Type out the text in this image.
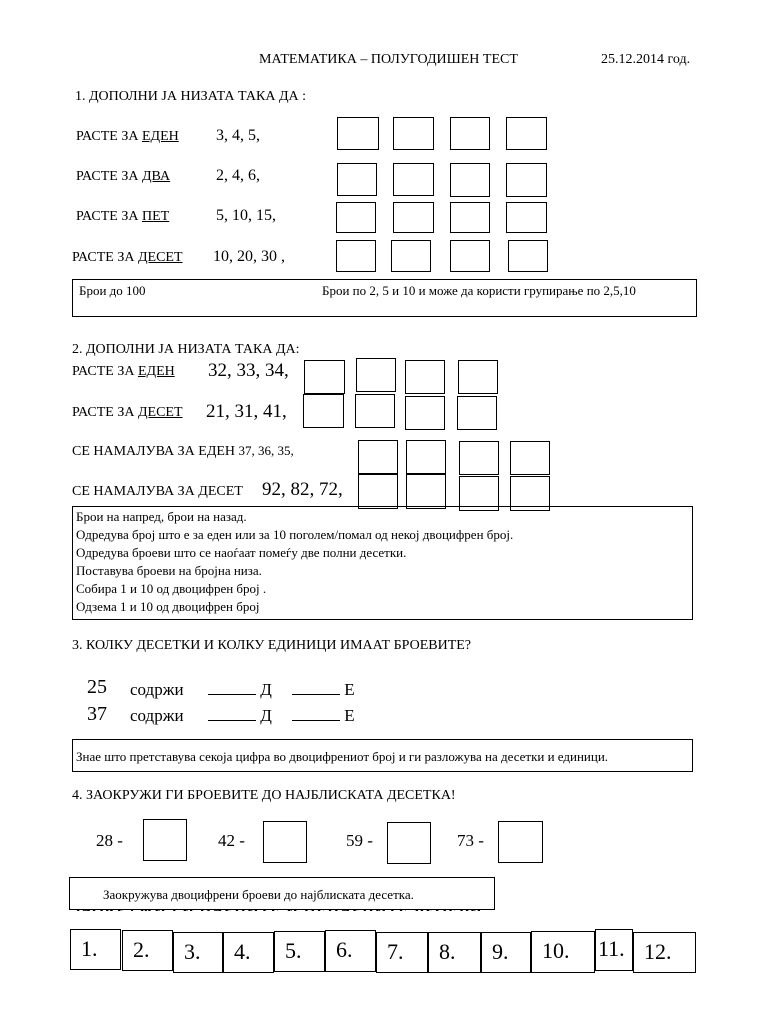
МАТЕМАТИКА – ПОЛУГОДИШЕН ТЕСТ	25.12.2014 год.
1. ДОПОЛНИ ЈА НИЗАТА ТАКА ДА :
РАСТЕ ЗА ЕДЕН 3, 4, 5,
РАСТЕ ЗА ДВА	2, 4, 6,
РАСТЕ ЗА ПЕТ	5, 10, 15,
РАСТЕ ЗА ДЕСЕТ 10, 20, 30 ,
Брои до 100	Брои по 2, 5 и 10 и може да користи групирање по 2,5,10
2. ДОПОЛНИ ЈА НИЗАТА ТАКА ДА:
РАСТЕ ЗА ЕДЕН 32, 33, 34,
РАСТЕ ЗА ДЕСЕТ 21, 31, 41,
СЕ НАМАЛУВА ЗА ЕДЕН 37, 36, 35,
СЕ НАМАЛУВА ЗА ДЕСЕТ 92, 82, 72,
Брои на напред, брои на назад.
Одредува број што е за еден или за 10 поголем/помал од некој двоцифрен број.
Одредува броеви што се наоѓаат помеѓу две полни десетки.
Поставува броеви на бројна низа.
Собира 1 и 10 од двоцифрен број .
Одзема 1 и 10 од двоцифрен број
3. КОЛКУ ДЕСЕТКИ И КОЛКУ ЕДИНИЦИ ИМААТ БРОЕВИТЕ?
25 содржи	Д	Е
37 содржи	Д	Е
Знае што претставува секоја цифра во двоцифрениот број и ги разложува на десетки и единици.
4. ЗАОКРУЖИ ГИ БРОЕВИТЕ ДО НАЈБЛИСКАТА ДЕСЕТКА!
28 -	42 -	59 -	73 -
Заокружува двоцифрени броеви до најблиската десетка.
1.	2.	3.	4.	5.	6.	7.	8.	9.	10.	11. 12.
